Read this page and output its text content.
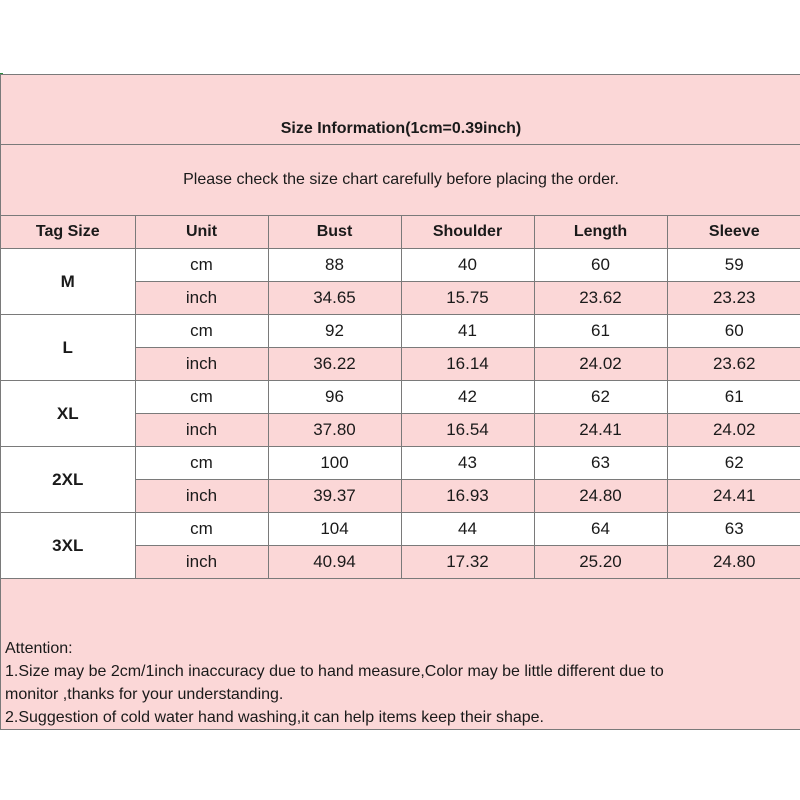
Size Information(1cm=0.39inch)
Please check the size chart carefully before placing the order.
Tag Size	Unit	Bust	Shoulder	Length	Sleeve
M	cm	88	40	60	59
	inch	34.65	15.75	23.62	23.23
L	cm	92	41	61	60
	inch	36.22	16.14	24.02	23.62
XL	cm	96	42	62	61
	inch	37.80	16.54	24.41	24.02
2XL	cm	100	43	63	62
	inch	39.37	16.93	24.80	24.41
3XL	cm	104	44	64	63
	inch	40.94	17.32	25.20	24.80
Attention:
1.Size may be 2cm/1inch inaccuracy due to hand measure,Color may be little different due to
monitor ,thanks for your understanding.
2.Suggestion of cold water hand washing,it can help items keep their shape.
